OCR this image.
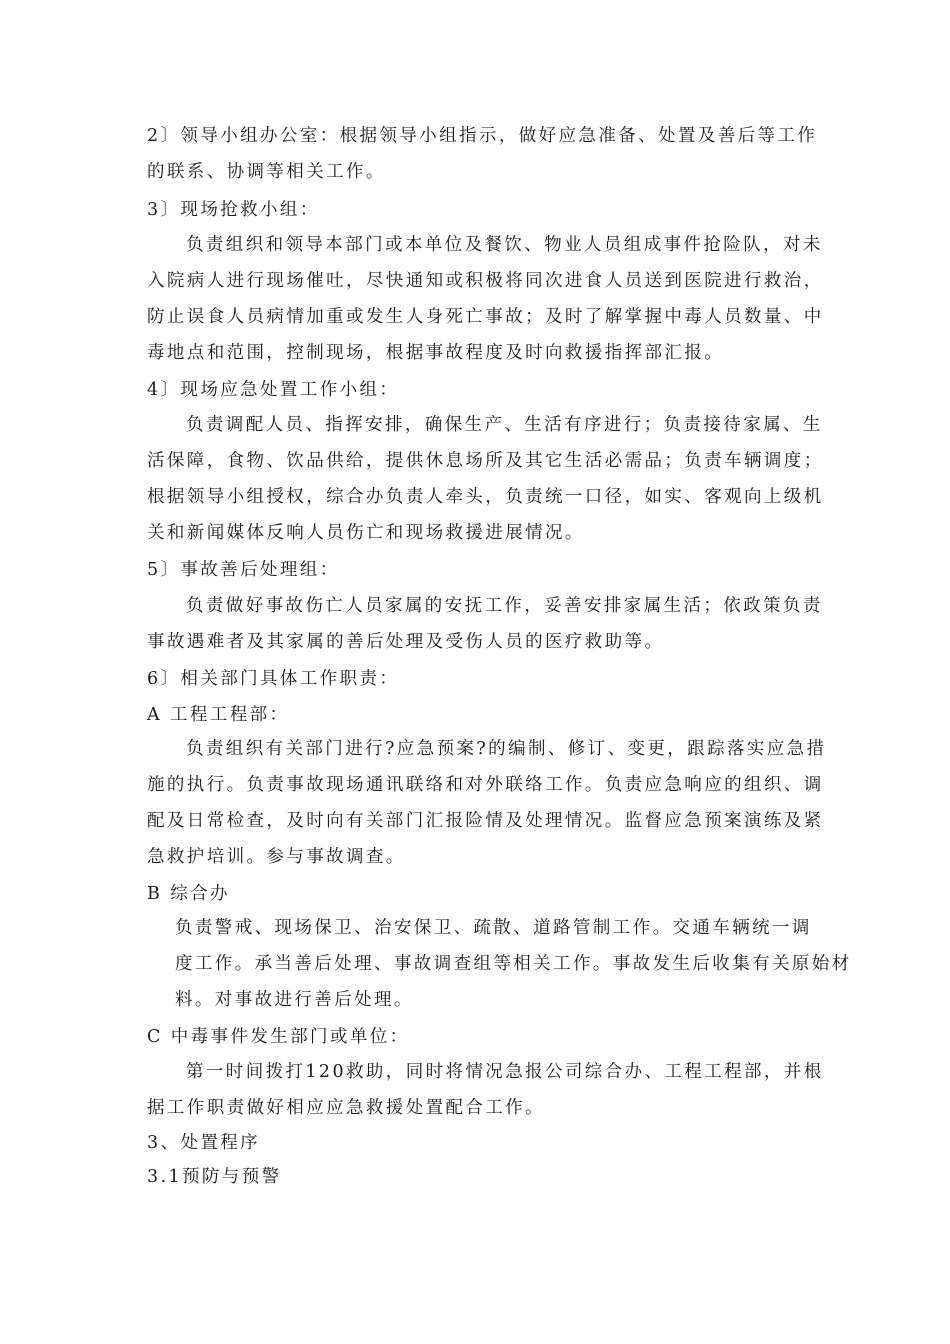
2〕领导小组办公室：根据领导小组指示，做好应急准备、处置及善后等工作
的联系、协调等相关工作。
3〕现场抢救小组：
负责组织和领导本部门或本单位及餐饮、物业人员组成事件抢险队，对未
入院病人进行现场催吐，尽快通知或积极将同次进食人员送到医院进行救治，
防止误食人员病情加重或发生人身死亡事故；及时了解掌握中毒人员数量、中
毒地点和范围，控制现场，根据事故程度及时向救援指挥部汇报。
4〕现场应急处置工作小组：
负责调配人员、指挥安排，确保生产、生活有序进行；负责接待家属、生
活保障，食物、饮品供给，提供休息场所及其它生活必需品；负责车辆调度；
根据领导小组授权，综合办负责人牵头，负责统一口径，如实、客观向上级机
关和新闻媒体反响人员伤亡和现场救援进展情况。
5〕事故善后处理组：
负责做好事故伤亡人员家属的安抚工作，妥善安排家属生活；依政策负责
事故遇难者及其家属的善后处理及受伤人员的医疗救助等。
6〕相关部门具体工作职责：
A 工程工程部：
负责组织有关部门进行?应急预案?的编制、修订、变更，跟踪落实应急措
施的执行。负责事故现场通讯联络和对外联络工作。负责应急响应的组织、调
配及日常检查，及时向有关部门汇报险情及处理情况。监督应急预案演练及紧
急救护培训。参与事故调查。
B 综合办
负责警戒、现场保卫、治安保卫、疏散、道路管制工作。交通车辆统一调
度工作。承当善后处理、事故调查组等相关工作。事故发生后收集有关原始材
料。对事故进行善后处理。
C 中毒事件发生部门或单位：
第一时间拨打120救助，同时将情况急报公司综合办、工程工程部，并根
据工作职责做好相应应急救援处置配合工作。
3、处置程序
3.1预防与预警
